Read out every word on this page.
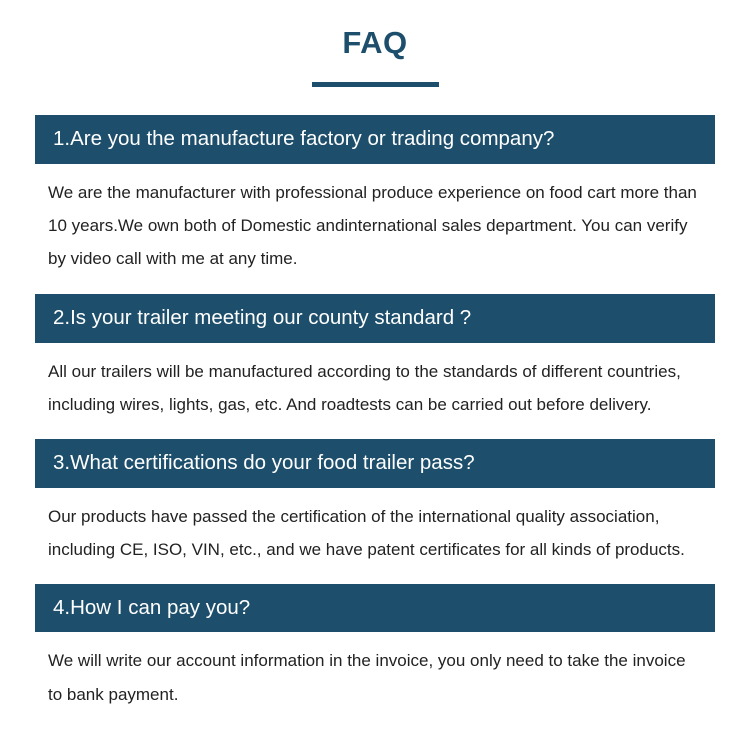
FAQ
1.Are you the manufacture factory or trading company?

We are the manufacturer with professional produce experience on food cart more than 10 years.We own both of Domestic andinternational sales department. You can verify by video call with me at any time.

2.Is your trailer meeting our county standard ?

All our trailers will be manufactured according to the standards of different countries, including wires, lights, gas, etc. And roadtests can be carried out before delivery.

3.What certifications do your food trailer pass?

Our products have passed the certification of the international quality association, including CE, ISO, VIN, etc., and we have patent certificates for all kinds of products.

4.How I can pay you?

We will write our account information in the invoice, you only need to take the invoice to bank payment.
